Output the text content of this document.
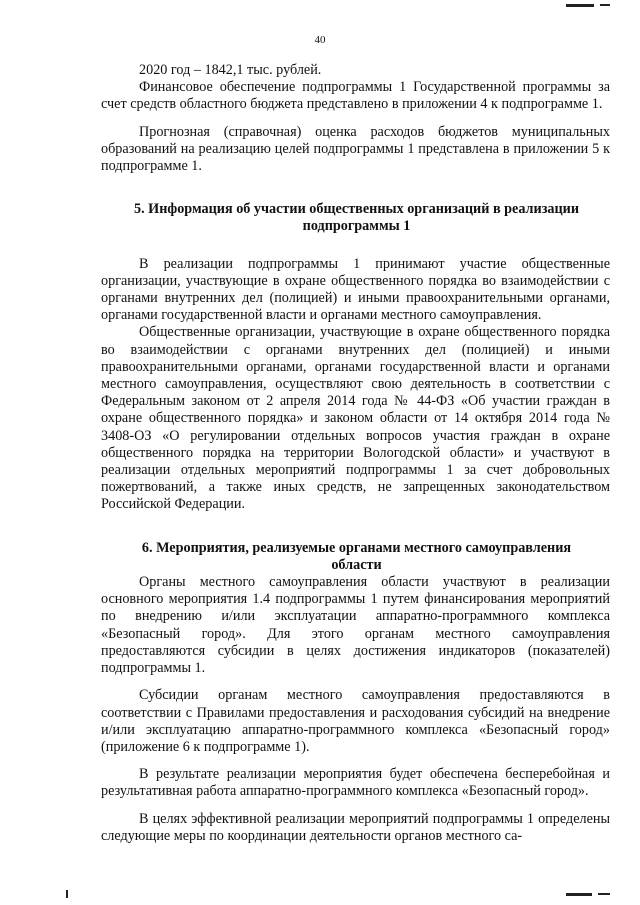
40

2020 год – 1842,1 тыс. рублей.

Финансовое обеспечение подпрограммы 1 Государственной программы за счет средств областного бюджета представлено в приложении 4 к подпрограмме 1.

Прогнозная (справочная) оценка расходов бюджетов муниципальных образований на реализацию целей подпрограммы 1 представлена в приложении 5 к подпрограмме 1.

5. Информация об участии общественных организаций в реализации подпрограммы 1

В реализации подпрограммы 1 принимают участие общественные организации, участвующие в охране общественного порядка во взаимодействии с органами внутренних дел (полицией) и иными правоохранительными органами, органами государственной власти и органами местного самоуправления.

Общественные организации, участвующие в охране общественного порядка во взаимодействии с органами внутренних дел (полицией) и иными правоохранительными органами, органами государственной власти и органами местного самоуправления, осуществляют свою деятельность в соответствии с Федеральным законом от 2 апреля 2014 года № 44-ФЗ «Об участии граждан в охране общественного порядка» и законом области от 14 октября 2014 года № 3408-ОЗ «О регулировании отдельных вопросов участия граждан в охране общественного порядка на территории Вологодской области» и участвуют в реализации отдельных мероприятий подпрограммы 1 за счет добровольных пожертвований, а также иных средств, не запрещенных законодательством Российской Федерации.

6. Мероприятия, реализуемые органами местного самоуправления области

Органы местного самоуправления области участвуют в реализации основного мероприятия 1.4 подпрограммы 1 путем финансирования мероприятий по внедрению и/или эксплуатации аппаратно-программного комплекса «Безопасный город». Для этого органам местного самоуправления предоставляются субсидии в целях достижения индикаторов (показателей) подпрограммы 1.

Субсидии органам местного самоуправления предоставляются в соответствии с Правилами предоставления и расходования субсидий на внедрение и/или эксплуатацию аппаратно-программного комплекса «Безопасный город» (приложение 6 к подпрограмме 1).

В результате реализации мероприятия будет обеспечена бесперебойная и результативная работа аппаратно-программного комплекса «Безопасный город».

В целях эффективной реализации мероприятий подпрограммы 1 определены следующие меры по координации деятельности органов местного са-
